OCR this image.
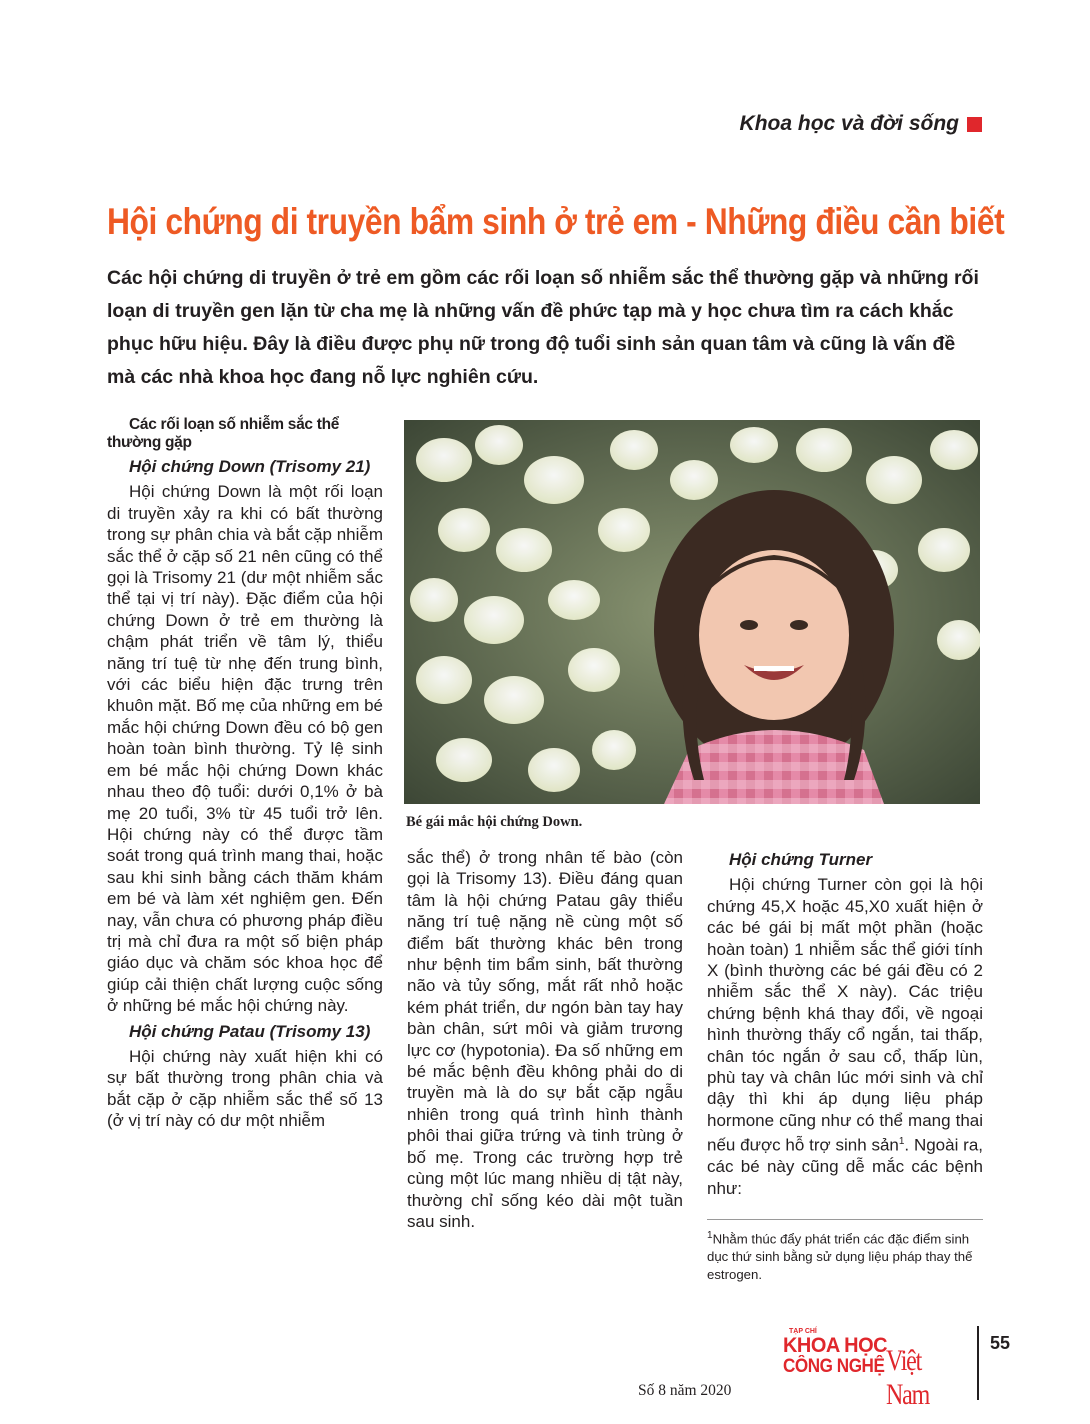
Khoa học và đời sống
Hội chứng di truyền bẩm sinh ở trẻ em - Những điều cần biết
Các hội chứng di truyền ở trẻ em gồm các rối loạn số nhiễm sắc thể thường gặp và những rối loạn di truyền gen lặn từ cha mẹ là những vấn đề phức tạp mà y học chưa tìm ra cách khắc phục hữu hiệu. Đây là điều được phụ nữ trong độ tuổi sinh sản quan tâm và cũng là vấn đề mà các nhà khoa học đang nỗ lực nghiên cứu.

Các rối loạn số nhiễm sắc thể thường gặp

Hội chứng Down (Trisomy 21)

Hội chứng Down là một rối loạn di truyền xảy ra khi có bất thường trong sự phân chia và bắt cặp nhiễm sắc thể ở cặp số 21 nên cũng có thể gọi là Trisomy 21 (dư một nhiễm sắc thể tại vị trí này). Đặc điểm của hội chứng Down ở trẻ em thường là chậm phát triển về tâm lý, thiểu năng trí tuệ từ nhẹ đến trung bình, với các biểu hiện đặc trưng trên khuôn mặt. Bố mẹ của những em bé mắc hội chứng Down đều có bộ gen hoàn toàn bình thường. Tỷ lệ sinh em bé mắc hội chứng Down khác nhau theo độ tuổi: dưới 0,1% ở bà mẹ 20 tuổi, 3% từ 45 tuổi trở lên. Hội chứng này có thể được tầm soát trong quá trình mang thai, hoặc sau khi sinh bằng cách thăm khám em bé và làm xét nghiệm gen. Đến nay, vẫn chưa có phương pháp điều trị mà chỉ đưa ra một số biện pháp giáo dục và chăm sóc khoa học để giúp cải thiện chất lượng cuộc sống ở những bé mắc hội chứng này.

Hội chứng Patau (Trisomy 13)

Hội chứng này xuất hiện khi có sự bất thường trong phân chia và bắt cặp ở cặp nhiễm sắc thể số 13 (ở vị trí này có dư một nhiễm

Bé gái mắc hội chứng Down.

sắc thể) ở trong nhân tế bào (còn gọi là Trisomy 13). Điều đáng quan tâm là hội chứng Patau gây thiểu năng trí tuệ nặng nề cùng một số điểm bất thường khác bên trong như bệnh tim bẩm sinh, bất thường não và tủy sống, mắt rất nhỏ hoặc kém phát triển, dư ngón bàn tay hay bàn chân, sứt môi và giảm trương lực cơ (hypotonia). Đa số những em bé mắc bệnh đều không phải do di truyền mà là do sự bắt cặp ngẫu nhiên trong quá trình hình thành phôi thai giữa trứng và tinh trùng ở bố mẹ. Trong các trường hợp trẻ cùng một lúc mang nhiều dị tật này, thường chỉ sống kéo dài một tuần sau sinh.

Hội chứng Turner

Hội chứng Turner còn gọi là hội chứng 45,X hoặc 45,X0 xuất hiện ở các bé gái bị mất một phần (hoặc hoàn toàn) 1 nhiễm sắc thể giới tính X (bình thường các bé gái đều có 2 nhiễm sắc thể X này). Các triệu chứng bệnh khá thay đổi, về ngoại hình thường thấy cổ ngắn, tai thấp, chân tóc ngắn ở sau cổ, thấp lùn, phù tay và chân lúc mới sinh và chỉ dậy thì khi áp dụng liệu pháp hormone cũng như có thể mang thai nếu được hỗ trợ sinh sản$^1$. Ngoài ra, các bé này cũng dễ mắc các bệnh như:

$^1$Nhằm thúc đẩy phát triển các đặc điểm sinh dục thứ sinh bằng sử dụng liệu pháp thay thế estrogen.
Số 8 năm 2020
TẠP CHÍ
KHOA HỌC
CÔNG NGHỆ Việt Nam
55
